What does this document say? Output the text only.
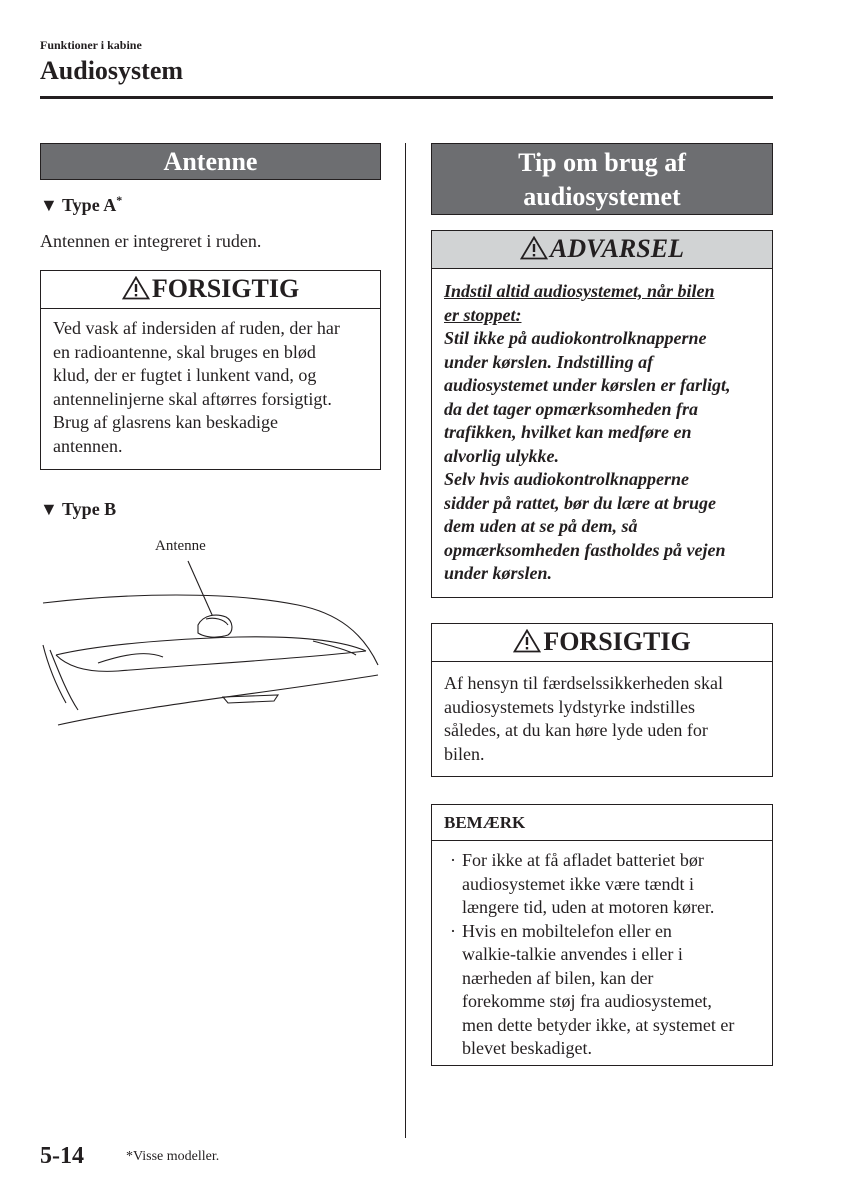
Funktioner i kabine
Audiosystem
Antenne
▼ Type A*
Antennen er integreret i ruden.
FORSIGTIG
Ved vask af indersiden af ruden, der har
en radioantenne, skal bruges en blød
klud, der er fugtet i lunkent vand, og
antennelinjerne skal aftørres forsigtigt.
Brug af glasrens kan beskadige
antennen.
▼ Type B
Antenne
Tip om brug af
audiosystemet
ADVARSEL
Indstil altid audiosystemet, når bilen
er stoppet:
Stil ikke på audiokontrolknapperne
under kørslen. Indstilling af
audiosystemet under kørslen er farligt,
da det tager opmærksomheden fra
trafikken, hvilket kan medføre en
alvorlig ulykke.
Selv hvis audiokontrolknapperne
sidder på rattet, bør du lære at bruge
dem uden at se på dem, så
opmærksomheden fastholdes på vejen
under kørslen.
FORSIGTIG
Af hensyn til færdselssikkerheden skal
audiosystemets lydstyrke indstilles
således, at du kan høre lyde uden for
bilen.
BEMÆRK
· For ikke at få afladet batteriet bør
audiosystemet ikke være tændt i
længere tid, uden at motoren kører.
· Hvis en mobiltelefon eller en
walkie-talkie anvendes i eller i
nærheden af bilen, kan der
forekomme støj fra audiosystemet,
men dette betyder ikke, at systemet er
blevet beskadiget.
5-14	*Visse modeller.
